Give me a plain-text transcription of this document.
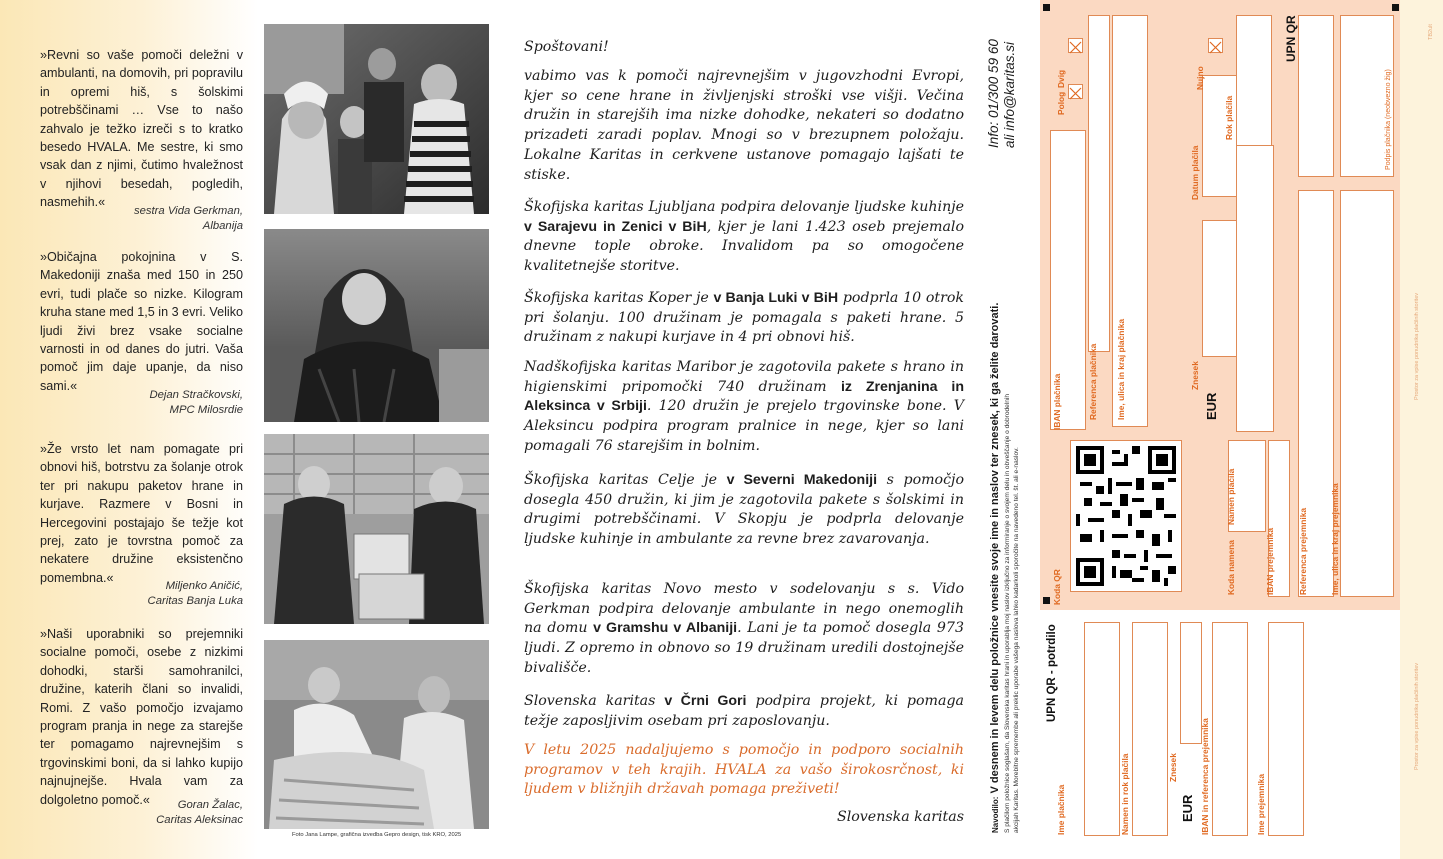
»Revni so vaše pomoči deležni v ambulanti, na domovih, pri popravilu in opremi hiš, s šolskimi potrebščinami … Vse to našo zahvalo je težko izreči s to kratko besedo HVALA. Me sestre, ki smo vsak dan z njimi, čutimo hvaležnost v njihovi besedah, pogledih, nasmehih.«
sestra Vida Gerkman,
Albanija
»Običajna pokojnina v S. Makedoniji znaša med 150 in 250 evri, tudi plače so nizke. Kilogram kruha stane med 1,5 in 3 evri. Veliko ljudi živi brez vsake socialne varnosti in od danes do jutri. Vaša pomoč jim daje upanje, da niso sami.«
Dejan Stračkovski,
MPC Milosrdie
»Že vrsto let nam pomagate pri obnovi hiš, botrstvu za šolanje otrok ter pri nakupu paketov hrane in kurjave. Razmere v Bosni in Hercegovini postajajo še težje kot prej, zato je tovrstna pomoč za nekatere družine eksistenčno pomembna.«
Miljenko Aničić,
Caritas Banja Luka
»Naši uporabniki so prejemniki socialne pomoči, osebe z nizkimi dohodki, starši samohranilci, družine, katerih člani so invalidi, Romi. Z vašo pomočjo izvajamo program pranja in nege za starejše ter pomagamo najrevnejšim s trgovinskimi boni, da si lahko kupijo najnujnejše. Hvala vam za dolgoletno pomoč.«	Goran Žalac,
Caritas Aleksinac
Foto Jana Lampe, grafična izvedba Gepro design, tisk KRO, 2025
Spoštovani!
vabimo vas k pomoči najrevnejšim v jugovzhodni Evropi, kjer so cene hrane in življenjski stroški vse višji. Večina družin in starejših ima nizke dohodke, nekateri so dodatno prizadeti zaradi poplav. Mnogi so v brezupnem položaju. Lokalne Karitas in cerkvene ustanove pomagajo lajšati te stiske.
Škofijska karitas Ljubljana podpira delovanje ljudske kuhinje v Sarajevu in Zenici v BiH, kjer je lani 1.423 oseb prejemalo dnevne tople obroke. Invalidom pa so omogočene kvalitetnejše storitve.
Škofijska karitas Koper je v Banja Luki v BiH podprla 10 otrok pri šolanju. 100 družinam je pomagala s paketi hrane. 5 družinam z nakupi kurjave in 4 pri obnovi hiš.
Nadškofijska karitas Maribor je zagotovila pakete s hrano in higienskimi pripomočki 740 družinam iz Zrenjanina in Aleksinca v Srbiji. 120 družin je prejelo trgovinske bone. V Aleksincu podpira program pralnice in nege, kjer so lani pomagali 76 starejšim in bolnim.
Škofijska karitas Celje je v Severni Makedoniji s pomočjo dosegla 450 družin, ki jim je zagotovila pakete s šolskimi in drugimi potrebščinami. V Skopju je podprla delovanje ljudske kuhinje in ambulante za revne brez zavarovanja.
Škofijska karitas Novo mesto v sodelovanju s s. Vido Gerkman podpira delovanje ambulante in nego onemoglih na domu v Gramshu v Albaniji. Lani je ta pomoč dosegla 973 ljudi. Z opremo in obnovo so 19 družinam uredili dostojnejše bivališče.
Slovenska karitas v Črni Gori podpira projekt, ki pomaga težje zaposljivim osebam pri zaposlovanju.
V letu 2025 nadaljujemo s pomočjo in podporo socialnih programov v teh krajih. HVALA za vašo širokosrčnost, ki ljudem v bližnjih državah pomaga preživeti!
Slovenska karitas
Info: 01/300 59 60 ali info@karitas.si
Navodilo: V desnem in levem delu položnice vnesite svoje ime in naslov ter znesek, ki ga želite darovati. S plačilom položnice soglašam, da Slovenska karitas hrani in uporablja moj naslov izključno za informiranje o svojem delu in obveščanje o dobrodelnih akcijah Karitas. Morebitne spremembe ali preklic uporabe vašega naslova lahko kadarkoli sporočite na navedeno tel. št. ali e-naslov.
UPN QR
Dvig
Polog
Nujno
Koda QR
IBAN plačnika	Referenca plačnika Ime, ulica in kraj plačnika	Znesek
EUR
Datum plačila
Rok plačila
Koda namena
Namen plačila
IBAN prejemnika	Referenca prejemnika	Ime, ulica in kraj prejemnika
Podpis plačnika (neobvezno žig)
UPN QR - potrdilo
Ime plačnika	Namen in rok plačila	Znesek
EUR IBAN in referenca prejemnika	Ime prejemnika
Prostor za vpise ponudnika plačilnih storitev
Prostor za vpise ponudnika plačilnih storitev
TB2ult
